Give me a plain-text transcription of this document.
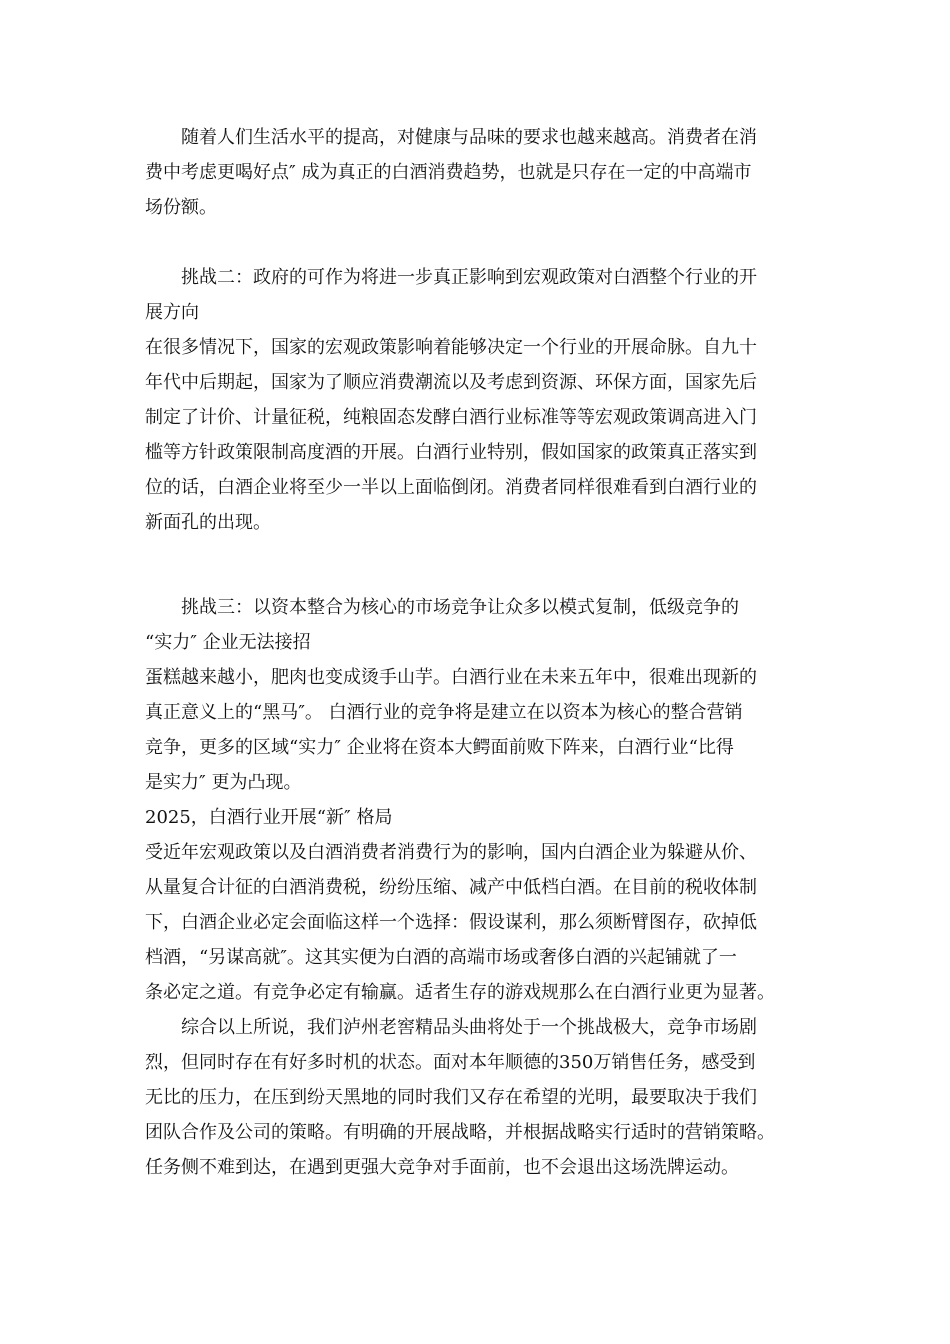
　　随着人们生活水平的提高，对健康与品味的要求也越来越高。消费者在消
费中考虑更喝好点″ 成为真正的白酒消费趋势，也就是只存在一定的中高端市
场份额。
　　挑战二：政府的可作为将进一步真正影响到宏观政策对白酒整个行业的开
展方向
在很多情况下，国家的宏观政策影响着能够决定一个行业的开展命脉。自九十
年代中后期起，国家为了顺应消费潮流以及考虑到资源、环保方面，国家先后
制定了计价、计量征税，纯粮固态发酵白酒行业标准等等宏观政策调高进入门
槛等方针政策限制高度酒的开展。白酒行业特别，假如国家的政策真正落实到
位的话，白酒企业将至少一半以上面临倒闭。消费者同样很难看到白酒行业的
新面孔的出现。
　　挑战三：以资本整合为核心的市场竞争让众多以模式复制，低级竞争的
“实力″ 企业无法接招
蛋糕越来越小，肥肉也变成烫手山芋。白酒行业在未来五年中，很难出现新的
真正意义上的“黑马″。 白酒行业的竞争将是建立在以资本为核心的整合营销
竞争，更多的区域“实力″ 企业将在资本大鳄面前败下阵来，白酒行业“比得
是实力″ 更为凸现。
2025，白酒行业开展“新″ 格局
受近年宏观政策以及白酒消费者消费行为的影响，国内白酒企业为躲避从价、
从量复合计征的白酒消费税，纷纷压缩、减产中低档白酒。在目前的税收体制
下，白酒企业必定会面临这样一个选择：假设谋利，那么须断臂图存，砍掉低
档酒，“另谋高就″。这其实便为白酒的高端市场或奢侈白酒的兴起铺就了一
条必定之道。有竞争必定有输赢。适者生存的游戏规那么在白酒行业更为显著。
　　综合以上所说，我们泸州老窖精品头曲将处于一个挑战极大，竞争市场剧
烈，但同时存在有好多时机的状态。面对本年顺德的350万销售任务，感受到
无比的压力，在压到纷天黑地的同时我们又存在希望的光明，最要取决于我们
团队合作及公司的策略。有明确的开展战略，并根据战略实行适时的营销策略。
任务侧不难到达，在遇到更强大竞争对手面前，也不会退出这场洗牌运动。
